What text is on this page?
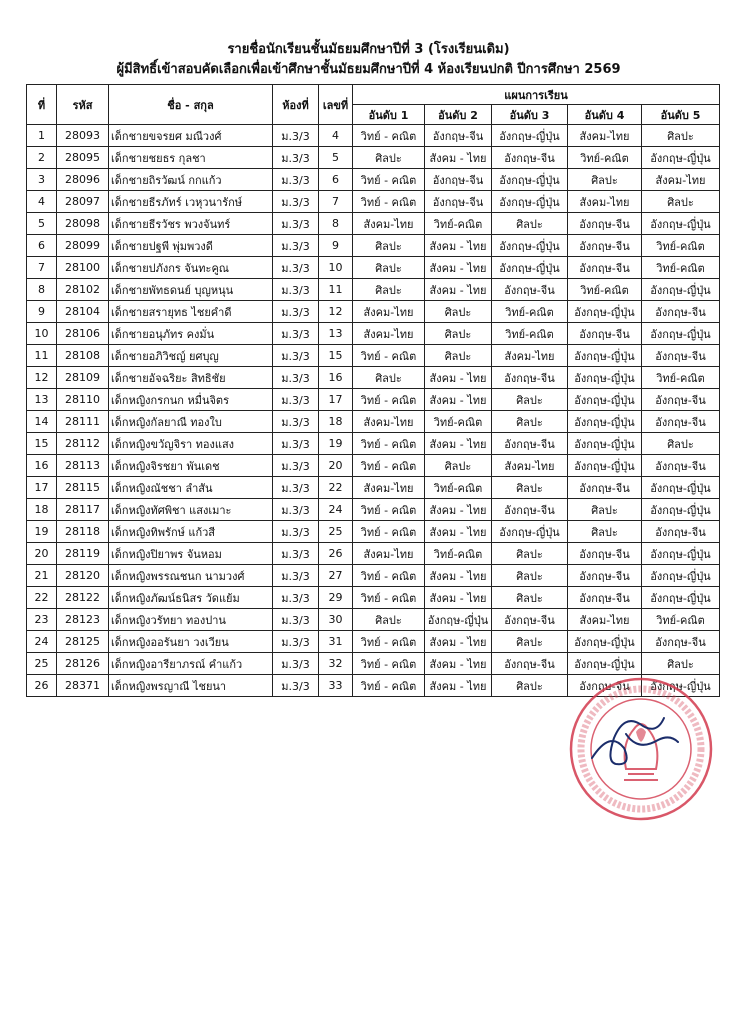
รายชื่อนักเรียนชั้นมัธยมศึกษาปีที่ 3 (โรงเรียนเดิม)
ผู้มีสิทธิ์เข้าสอบคัดเลือกเพื่อเข้าศึกษาชั้นมัธยมศึกษาปีที่ 4 ห้องเรียนปกติ ปีการศึกษา 2569
ที่	รหัส	ชื่อ - สกุล	ห้องที่	เลขที่	แผนการเรียน				
					อันดับ 1	อันดับ 2	อันดับ 3	อันดับ 4	อันดับ 5
1	28093	เด็กชายขจรยศ มณีวงศ์	ม.3/3	4	วิทย์ - คณิต	อังกฤษ-จีน	อังกฤษ-ญี่ปุ่น	สังคม-ไทย	ศิลปะ
2	28095	เด็กชายชยธร กุลชา	ม.3/3	5	ศิลปะ	สังคม - ไทย	อังกฤษ-จีน	วิทย์-คณิต	อังกฤษ-ญี่ปุ่น
3	28096	เด็กชายถิรวัฒน์ กกแก้ว	ม.3/3	6	วิทย์ - คณิต	อังกฤษ-จีน	อังกฤษ-ญี่ปุ่น	ศิลปะ	สังคม-ไทย
4	28097	เด็กชายธีรภัทร์ เวหุวนารักษ์	ม.3/3	7	วิทย์ - คณิต	อังกฤษ-จีน	อังกฤษ-ญี่ปุ่น	สังคม-ไทย	ศิลปะ
5	28098	เด็กชายธีรวัชร พวงจันทร์	ม.3/3	8	สังคม-ไทย	วิทย์-คณิต	ศิลปะ	อังกฤษ-จีน	อังกฤษ-ญี่ปุ่น
6	28099	เด็กชายปฐพี พุ่มพวงดี	ม.3/3	9	ศิลปะ	สังคม - ไทย	อังกฤษ-ญี่ปุ่น	อังกฤษ-จีน	วิทย์-คณิต
7	28100	เด็กชายปภังกร จันทะคูณ	ม.3/3	10	ศิลปะ	สังคม - ไทย	อังกฤษ-ญี่ปุ่น	อังกฤษ-จีน	วิทย์-คณิต
8	28102	เด็กชายพัทธดนย์ บุญหนุน	ม.3/3	11	ศิลปะ	สังคม - ไทย	อังกฤษ-จีน	วิทย์-คณิต	อังกฤษ-ญี่ปุ่น
9	28104	เด็กชายสรายุทธ ไชยคำดี	ม.3/3	12	สังคม-ไทย	ศิลปะ	วิทย์-คณิต	อังกฤษ-ญี่ปุ่น	อังกฤษ-จีน
10	28106	เด็กชายอนุภัทร คงมั่น	ม.3/3	13	สังคม-ไทย	ศิลปะ	วิทย์-คณิต	อังกฤษ-จีน	อังกฤษ-ญี่ปุ่น
11	28108	เด็กชายอภิวิชญ์ ยศบุญ	ม.3/3	15	วิทย์ - คณิต	ศิลปะ	สังคม-ไทย	อังกฤษ-ญี่ปุ่น	อังกฤษ-จีน
12	28109	เด็กชายอัจฉริยะ สิทธิชัย	ม.3/3	16	ศิลปะ	สังคม - ไทย	อังกฤษ-จีน	อังกฤษ-ญี่ปุ่น	วิทย์-คณิต
13	28110	เด็กหญิงกรกนก หมื่นจิตร	ม.3/3	17	วิทย์ - คณิต	สังคม - ไทย	ศิลปะ	อังกฤษ-ญี่ปุ่น	อังกฤษ-จีน
14	28111	เด็กหญิงกัลยาณี ทองใบ	ม.3/3	18	สังคม-ไทย	วิทย์-คณิต	ศิลปะ	อังกฤษ-ญี่ปุ่น	อังกฤษ-จีน
15	28112	เด็กหญิงขวัญจิรา ทองแสง	ม.3/3	19	วิทย์ - คณิต	สังคม - ไทย	อังกฤษ-จีน	อังกฤษ-ญี่ปุ่น	ศิลปะ
16	28113	เด็กหญิงจิรชยา พันเดช	ม.3/3	20	วิทย์ - คณิต	ศิลปะ	สังคม-ไทย	อังกฤษ-ญี่ปุ่น	อังกฤษ-จีน
17	28115	เด็กหญิงณัชชา ลำสัน	ม.3/3	22	สังคม-ไทย	วิทย์-คณิต	ศิลปะ	อังกฤษ-จีน	อังกฤษ-ญี่ปุ่น
18	28117	เด็กหญิงทัศพิชา แสงเมาะ	ม.3/3	24	วิทย์ - คณิต	สังคม - ไทย	อังกฤษ-จีน	ศิลปะ	อังกฤษ-ญี่ปุ่น
19	28118	เด็กหญิงทิพรักษ์ แก้วสี	ม.3/3	25	วิทย์ - คณิต	สังคม - ไทย	อังกฤษ-ญี่ปุ่น	ศิลปะ	อังกฤษ-จีน
20	28119	เด็กหญิงปิยาพร จันหอม	ม.3/3	26	สังคม-ไทย	วิทย์-คณิต	ศิลปะ	อังกฤษ-จีน	อังกฤษ-ญี่ปุ่น
21	28120	เด็กหญิงพรรณชนก นามวงศ์	ม.3/3	27	วิทย์ - คณิต	สังคม - ไทย	ศิลปะ	อังกฤษ-จีน	อังกฤษ-ญี่ปุ่น
22	28122	เด็กหญิงภัฒน์ธนิสร วัดแย้ม	ม.3/3	29	วิทย์ - คณิต	สังคม - ไทย	ศิลปะ	อังกฤษ-จีน	อังกฤษ-ญี่ปุ่น
23	28123	เด็กหญิงวรัทยา ทองปาน	ม.3/3	30	ศิลปะ	อังกฤษ-ญี่ปุ่น	อังกฤษ-จีน	สังคม-ไทย	วิทย์-คณิต
24	28125	เด็กหญิงออรันยา วงเวียน	ม.3/3	31	วิทย์ - คณิต	สังคม - ไทย	ศิลปะ	อังกฤษ-ญี่ปุ่น	อังกฤษ-จีน
25	28126	เด็กหญิงอารียาภรณ์ คำแก้ว	ม.3/3	32	วิทย์ - คณิต	สังคม - ไทย	อังกฤษ-จีน	อังกฤษ-ญี่ปุ่น	ศิลปะ
26	28371	เด็กหญิงพรญาณี ไชยนา	ม.3/3	33	วิทย์ - คณิต	สังคม - ไทย	ศิลปะ	อังกฤษ-จีน	อังกฤษ-ญี่ปุ่น
